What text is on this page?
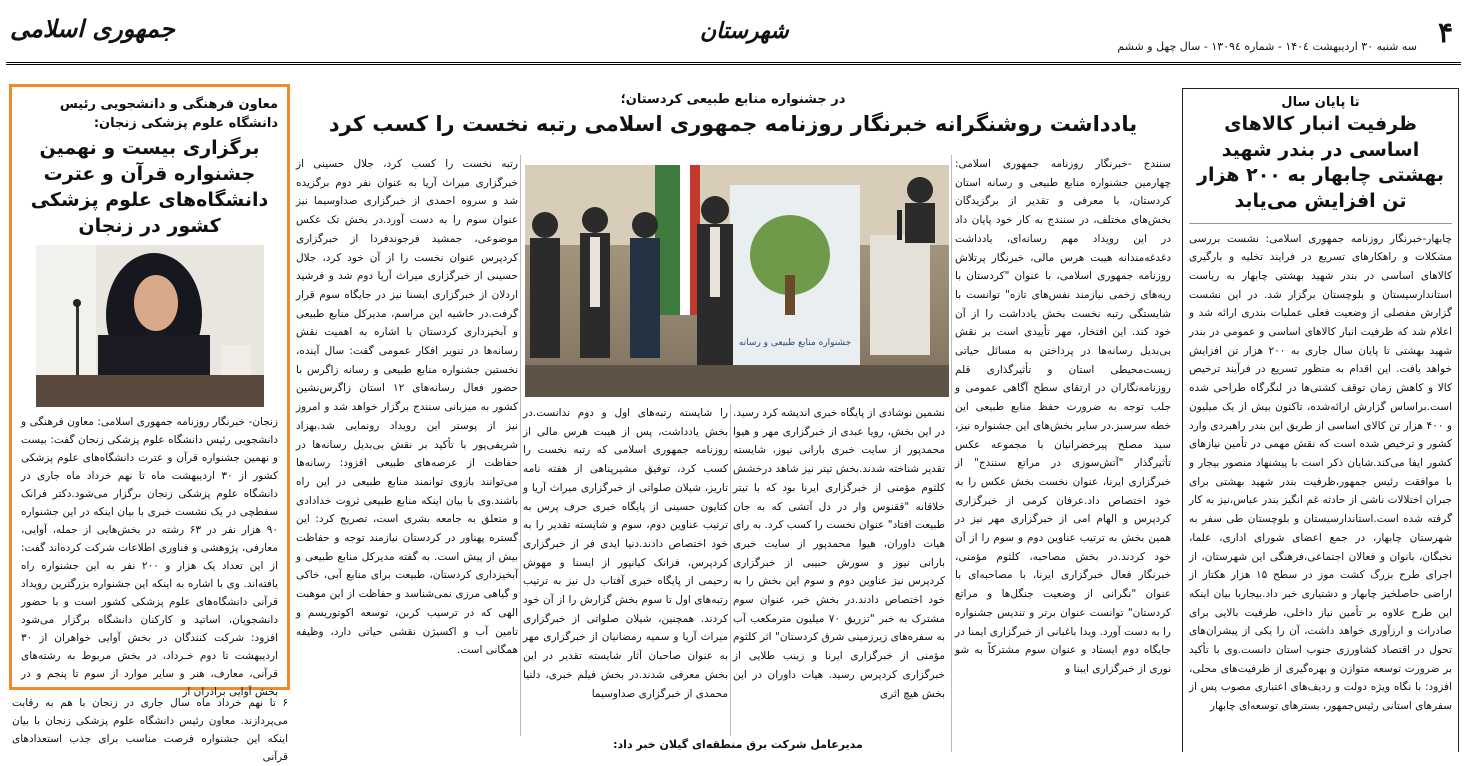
۴
سه شنبه ۳۰ اردیبهشت ۱۴۰٤ - شماره ۱۳۰۹٤ - سال چهل و ششم
شهرستان
جمهوری اسلامی
تا پایان سال
ظرفیت انبار کالاهای اساسی در بندر شهید بهشتی چابهار به ۲۰۰ هزار تن افزایش می‌یابد
چابهار-خبرنگار روزنامه جمهوری اسلامی: نشست بررسی مشکلات و راهکارهای تسریع در فرایند تخلیه و بارگیری کالاهای اساسی در بندر شهید بهشتی چابهار به ریاست استاندارسیستان و بلوچستان برگزار شد. در این نشست گزارش مفصلی از وضعیت فعلی عملیات بندری ارائه شد و اعلام شد که ظرفیت انبار کالاهای اساسی و عمومی در بندر شهید بهشتی تا پایان سال جاری به ۲۰۰ هزار تن افزایش خواهد یافت. این اقدام به منظور تسریع در فرآیند ترخیص کالا و کاهش زمان توقف کشتی‌ها در لنگرگاه طراحی شده است.براساس گزارش ارائه‌شده، تاکنون بیش از یک میلیون و ۴۰۰ هزار تن کالای اساسی از طریق این بندر راهبردی وارد کشور و ترخیص شده است که نقش مهمی در تأمین نیازهای کشور ایفا می‌کند.شایان ذکر است با پیشنهاد منصور بیجار و با موافقت رئیس جمهور،ظرفیت بندر شهید بهشتی برای جبران اختلالات ناشی از حادثه غم انگیز بندر عباس،نیز به کار گرفته شده است.استاندارسیستان و بلوچستان طی سفر به شهرستان چابهار، در جمع اعضای شورای اداری، علما، نخبگان، بانوان و فعالان اجتماعی،فرهنگی این شهرستان، از اجرای طرح بزرگ کشت موز در سطح ۱۵ هزار هکتار از اراضی حاصلخیز چابهار و دشتیاری خبر داد.بیجاربا بیان اینکه این طرح علاوه بر تأمین نیاز داخلی، ظرفیت بالایی برای صادرات و ارزآوری خواهد داشت، آن را یکی از پیشران‌های تحول در اقتصاد کشاورزی جنوب استان دانست.وی با تأکید بر ضرورت توسعه متوازن و بهره‌گیری از ظرفیت‌های محلی، افزود: با نگاه ویژه دولت و ردیف‌های اعتباری مصوب پس از سفرهای استانی رئیس‌جمهور، بسترهای توسعه‌ای چابهار
در جشنواره منابع طبیعی کردستان؛
یادداشت روشنگرانه خبرنگار روزنامه جمهوری اسلامی رتبه نخست را کسب کرد
سنندج -خبرنگار روزنامه جمهوری اسلامی: چهارمین جشنواره منابع طبیعی و رسانه استان کردستان، با معرفی و تقدیر از برگزیدگان بخش‌های مختلف، در سنندج به کار خود پایان داد در این رویداد مهم رسانه‌ای، یادداشت دغدغه‌مندانه هیبت هرس مالی، خبرنگار پرتلاش روزنامه جمهوری اسلامی، با عنوان "کردستان با ریه‌های زخمی نیازمند نفس‌های تازه" توانست با شایستگی رتبه نخست بخش یادداشت را از آن خود کند. این افتخار، مهر تأییدی است بر نقش بی‌بدیل رسانه‌ها در پرداختن به مسائل حیاتی زیست‌محیطی استان و تأثیرگذاری قلم روزنامه‌نگاران در ارتقای سطح آگاهی عمومی و جلب توجه به ضرورت حفظ منابع طبیعی این خطه سرسبز.در سایر بخش‌های این جشنواره نیز، سید مصلح پیرخضرانیان با مجموعه عکس تأثیرگذار "آتش‌سوزی در مراتع سنندج" از خبرگزاری ایرنا، عنوان نخست بخش عکس را به خود اختصاص داد.عرفان کرمی از خبرگزاری کردپرس و الهام امی از خبرگزاری مهر نیز در همین بخش به ترتیب عناوین دوم و سوم را از آن خود کردند.در بخش مصاحبه، کلثوم مؤمنی، خبرنگار فعال خبرگزاری ایرنا، با مصاحبه‌ای با عنوان "نگرانی از وضعیت جنگل‌ها و مراتع کردستان" توانست عنوان برتر و تندیس جشنواره را به دست آورد. ویدا باغبانی از خبرگزاری ایمنا در جایگاه دوم ایستاد و عنوان سوم مشترکاً به شو نوری از خبرگزاری ایبنا و
نشمین نوشادی از پایگاه خبری اندیشه کرد رسید. در این بخش، رویا عبدی از خبرگزاری مهر و هیوا محمدپور از سایت خبری بارانی نیوز، شایسته تقدیر شناخته شدند.بخش تیتر نیز شاهد درخشش کلثوم مؤمنی از خبرگزاری ایرنا بود که با تیتر خلاقانه "ققنوس وار در دل آتشی که به جان طبیعت افتاد" عنوان نخست را کسب کرد. به رای هیات داوران، هیوا محمدپور از سایت خبری بارانی نیوز و سورش حبیبی از خبرگزاری کردپرس نیز عناوین دوم و سوم این بخش را به خود اختصاص دادند.در بخش خبر، عنوان سوم مشترک به خبر "تزریق ۷۰ میلیون مترمکعب آب به سفره‌های زیرزمینی شرق کردستان" اثر کلثوم مؤمنی از خبرگزاری ایرنا و زینب طلایی از خبرگزاری کردپرس رسید. هیات داوران در این بخش هیچ اثری
را شایسته رتبه‌های اول و دوم ندانست.در بخش یادداشت، پس از هیبت هرس مالی از روزنامه جمهوری اسلامی که رتبه نخست را کسب کرد، توفیق مشیرپناهی از هفته نامه تاریز، شیلان صلواتی از خبرگزاری میراث آریا و کتایون حسینی از پایگاه خبری حرف پرس به ترتیب عناوین دوم، سوم و شایسته تقدیر را به خود اختصاص دادند.دنیا ایدی فر از خبرگزاری کردپرس، فرانک کیانپور از ایسنا و مهوش رحیمی از پایگاه خبری آفتاب دل نیز به ترتیب رتبه‌های اول تا سوم بخش گزارش را از آن خود کردند. همچنین، شیلان صلواتی از خبرگزاری میراث آریا و سمیه رمضانیان از خبرگزاری مهر به عنوان صاحبان آثار شایسته تقدیر در این بخش معرفی شدند.در بخش فیلم خبری، دلنیا محمدی از خبرگزاری صداوسیما
رتبه نخست را کسب کرد، جلال حسینی از خبرگزاری میراث آریا به عنوان نفر دوم برگزیده شد و سروه احمدی از خبرگزاری صداوسیما نیز عنوان سوم را به دست آورد.در بخش تک عکس موضوعی، جمشید فرجوندفردا از خبرگزاری کردپرس عنوان نخست را از آن خود کرد، جلال حسینی از خبرگزاری میراث آریا دوم شد و فرشید اردلان از خبرگزاری ایسنا نیز در جایگاه سوم قرار گرفت.در حاشیه این مراسم، مدیرکل منابع طبیعی و آبخیزداری کردستان با اشاره به اهمیت نقش رسانه‌ها در تنویر افکار عمومی گفت: سال آینده، نخستین جشنواره منابع طبیعی و رسانه زاگرس با حضور فعال رسانه‌های ۱۲ استان زاگرس‌نشین کشور به میزبانی سنندج برگزار خواهد شد و امروز نیز از پوستر این رویداد رونمایی شد.بهزاد شریفی‌پور با تأکید بر نقش بی‌بدیل رسانه‌ها در حفاظت از عرصه‌های طبیعی افزود: رسانه‌ها می‌توانند بازوی توانمند منابع طبیعی در این راه باشند.وی با بیان اینکه منابع طبیعی ثروت خدادادی و متعلق به جامعه بشری است، تصریح کرد: این گستره پهناور در کردستان نیازمند توجه و حفاظت بیش از پیش است. به گفته مدیرکل منابع طبیعی و آبخیزداری کردستان، طبیعت برای منابع آبی، خاکی و گیاهی مرزی نمی‌شناسد و حفاظت از این موهبت الهی که در ترسیب کربن، توسعه اکوتوریسم و تامین آب و اکسیژن نقشی حیاتی دارد، وظیفه همگانی است.
جشنواره منابع طبیعی و رسانه
مدیرعامل شرکت برق منطقه‌ای گیلان خبر داد:
معاون فرهنگی و دانشجویی رئیس دانشگاه علوم پزشکی زنجان:
برگزاری بیست و نهمین جشنواره قرآن و عترت دانشگاه‌های علوم پزشکی کشور در زنجان
زنجان- خبرنگار روزنامه جمهوری اسلامی: معاون فرهنگی و دانشجویی رئیس دانشگاه علوم پزشکی زنجان گفت: بیست و نهمین جشنواره قرآن و عترت دانشگاه‌های علوم پزشکی کشور از ۳۰ اردیبهشت ماه تا نهم خرداد ماه جاری در دانشگاه علوم پزشکی زنجان برگزار می‌شود.دکتر فرانک سفطچی در یک نشست خبری با بیان اینکه در این جشنواره ۹۰ هزار نفر در ۶۳ رشته در بخش‌هایی از جمله، آوایی، معارفی، پژوهشی و فناوری اطلاعات شرکت کرده‌اند گفت: از این تعداد یک هزار و ۲۰۰ نفر به این جشنواره راه یافته‌اند. وی با اشاره به اینکه این جشنواره بزرگترین رویداد قرآنی دانشگاه‌های علوم پزشکی کشور است و با حضور دانشجویان، اساتید و کارکنان دانشگاه برگزار می‌شود افزود: شرکت کنندگان در بخش آوایی خواهران از ۳۰ اردیبهشت تا دوم خـرداد، در بخش مربوط به رشته‌های قرآنی، معارف، هنر و سایر موارد از سوم تا پنجم و در بخش آوایی برادران از
۶ تا نهم خرداد ماه سال جاری در زنجان با هم به رقابت می‌پردازند. معاون رئیس دانشگاه علوم پزشکی زنجان با بیان اینکه این جشنواره فرصت مناسب برای جذب استعدادهای قرآنی
